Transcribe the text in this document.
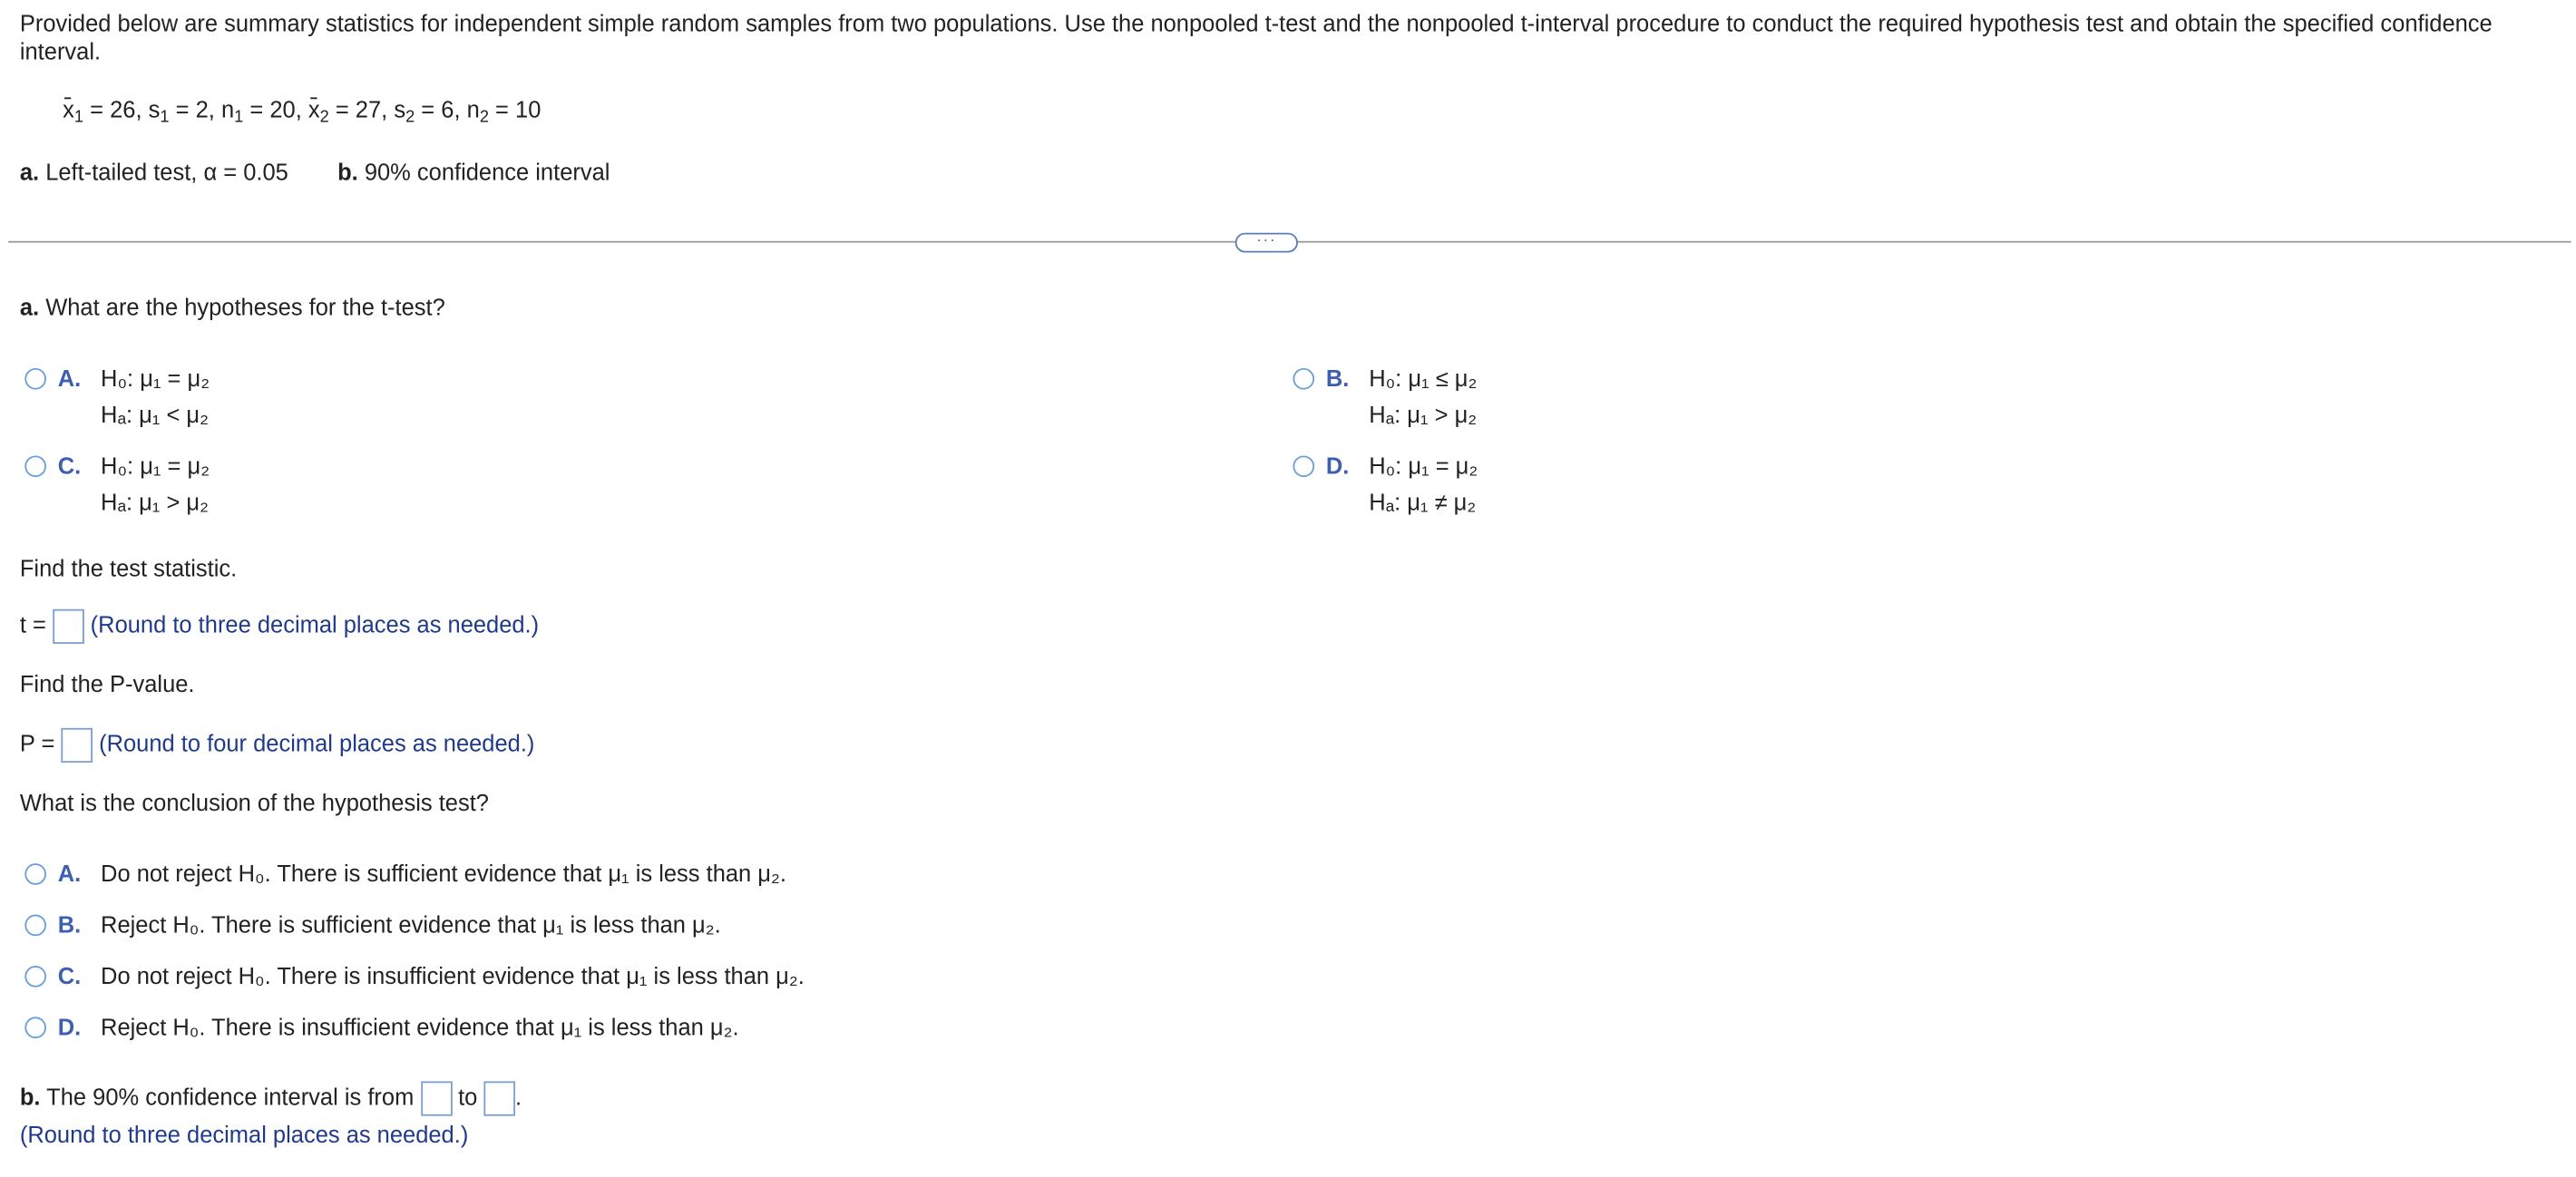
Provided below are summary statistics for independent simple random samples from two populations. Use the nonpooled t-test and the nonpooled t-interval procedure to conduct the required hypothesis test and obtain the specified confidence interval.
$x_1 = 26$, $s_1 = 2$, $n_1 = 20$, $x_2 = 27$, $s_2 = 6$, $n_2 = 10$
a. Left-tailed test, α = 0.05	b. 90% confidence interval
···
a. What are the hypotheses for the t-test?
A. H₀: μ₁ = μ₂
Hₐ: μ₁ < μ₂
B. H₀: μ₁ ≤ μ₂
Hₐ: μ₁ > μ₂
C. H₀: μ₁ = μ₂
Hₐ: μ₁ > μ₂
D. H₀: μ₁ = μ₂
Hₐ: μ₁ ≠ μ₂
Find the test statistic.
t =	(Round to three decimal places as needed.)
Find the P-value.
P =	(Round to four decimal places as needed.)
What is the conclusion of the hypothesis test?
A. Do not reject H₀. There is sufficient evidence that μ₁ is less than μ₂.
B. Reject H₀. There is sufficient evidence that μ₁ is less than μ₂.
C. Do not reject H₀. There is insufficient evidence that μ₁ is less than μ₂.
D. Reject H₀. There is insufficient evidence that μ₁ is less than μ₂.
b. The 90% confidence interval is from	to	.
(Round to three decimal places as needed.)
